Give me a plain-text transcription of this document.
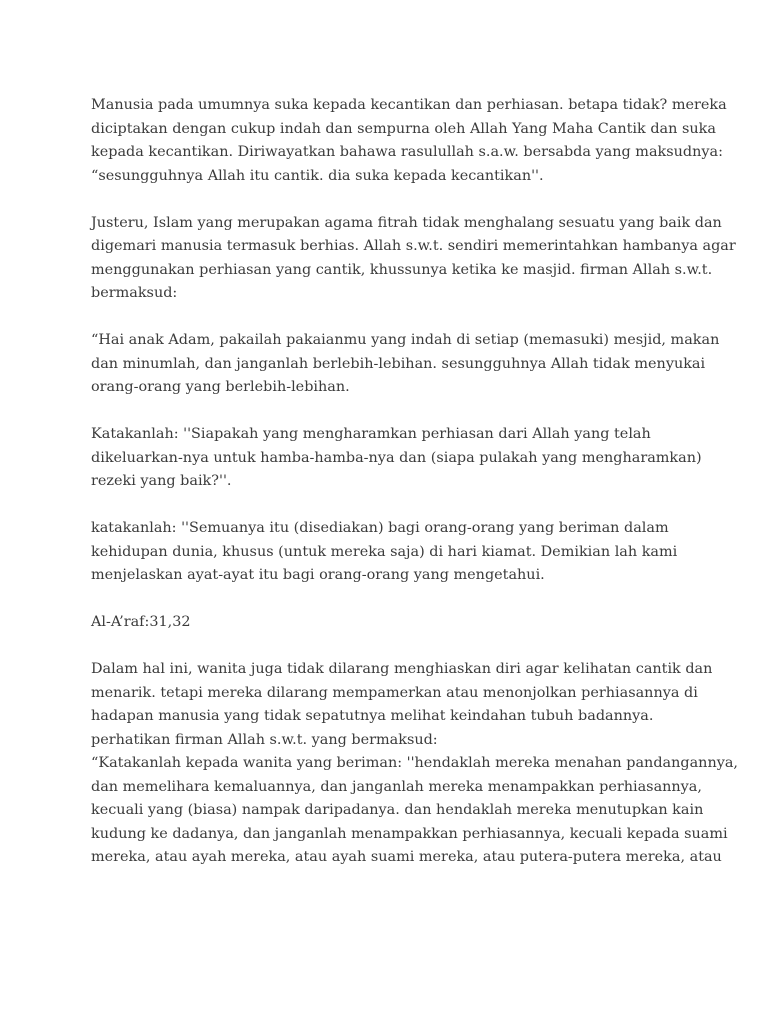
Manusia pada umumnya suka kepada kecantikan dan perhiasan. betapa tidak? mereka
diciptakan dengan cukup indah dan sempurna oleh Allah Yang Maha Cantik dan suka
kepada kecantikan. Diriwayatkan bahawa rasulullah s.a.w. bersabda yang maksudnya:
“sesungguhnya Allah itu cantik. dia suka kepada kecantikan''.

Justeru, Islam yang merupakan agama fitrah tidak menghalang sesuatu yang baik dan
digemari manusia termasuk berhias. Allah s.w.t. sendiri memerintahkan hambanya agar
menggunakan perhiasan yang cantik, khussunya ketika ke masjid. firman Allah s.w.t.
bermaksud:

“Hai anak Adam, pakailah pakaianmu yang indah di setiap (memasuki) mesjid, makan
dan minumlah, dan janganlah berlebih-lebihan. sesungguhnya Allah tidak menyukai
orang-orang yang berlebih-lebihan.

Katakanlah: ''Siapakah yang mengharamkan perhiasan dari Allah yang telah
dikeluarkan-nya untuk hamba-hamba-nya dan (siapa pulakah yang mengharamkan)
rezeki yang baik?''.

katakanlah: ''Semuanya itu (disediakan) bagi orang-orang yang beriman dalam
kehidupan dunia, khusus (untuk mereka saja) di hari kiamat. Demikian lah kami
menjelaskan ayat-ayat itu bagi orang-orang yang mengetahui.

Al-A’raf:31,32

Dalam hal ini, wanita juga tidak dilarang menghiaskan diri agar kelihatan cantik dan
menarik. tetapi mereka dilarang mempamerkan atau menonjolkan perhiasannya di
hadapan manusia yang tidak sepatutnya melihat keindahan tubuh badannya.
perhatikan firman Allah s.w.t. yang bermaksud:
“Katakanlah kepada wanita yang beriman: ''hendaklah mereka menahan pandangannya,
dan memelihara kemaluannya, dan janganlah mereka menampakkan perhiasannya,
kecuali yang (biasa) nampak daripadanya. dan hendaklah mereka menutupkan kain
kudung ke dadanya, dan janganlah menampakkan perhiasannya, kecuali kepada suami
mereka, atau ayah mereka, atau ayah suami mereka, atau putera-putera mereka, atau
